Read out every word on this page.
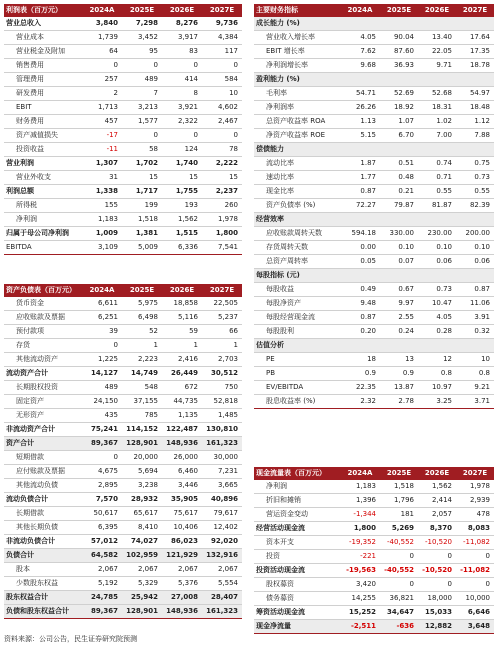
利润表（百万元）	2024A	2025E	2026E	2027E
营业总收入	3,840	7,298	8,276	9,736
营业成本	1,739	3,452	3,917	4,384
营业税金及附加	64	95	83	117
销售费用	0	0	0	0
管理费用	257	489	414	584
研发费用	2	7	8	10
EBIT	1,713	3,213	3,921	4,602
财务费用	457	1,577	2,322	2,467
资产减值损失	-17	0	0	0
投资收益	-11	58	124	78
营业利润	1,307	1,702	1,740	2,222
营业外收支	31	15	15	15
利润总额	1,338	1,717	1,755	2,237
所得税	155	199	193	260
净利润	1,183	1,518	1,562	1,978
归属于母公司净利润	1,009	1,381	1,515	1,800
EBITDA	3,109	5,009	6,336	7,541
主要财务指标	2024A	2025E	2026E	2027E
成长能力 (%)				
营业收入增长率	4.05	90.04	13.40	17.64
EBIT 增长率	7.62	87.60	22.05	17.35
净利润增长率	9.68	36.93	9.71	18.78
盈利能力 (%)				
毛利率	54.71	52.69	52.68	54.97
净利润率	26.26	18.92	18.31	18.48
总资产收益率 ROA	1.13	1.07	1.02	1.12
净资产收益率 ROE	5.15	6.70	7.00	7.88
偿债能力				
流动比率	1.87	0.51	0.74	0.75
速动比率	1.77	0.48	0.71	0.73
现金比率	0.87	0.21	0.55	0.55
资产负债率 (%)	72.27	79.87	81.87	82.39
经营效率				
应收账款周转天数	594.18	330.00	230.00	200.00
存货周转天数	0.00	0.10	0.10	0.10
总资产周转率	0.05	0.07	0.06	0.06
每股指标 (元)				
每股收益	0.49	0.67	0.73	0.87
每股净资产	9.48	9.97	10.47	11.06
每股经营现金流	0.87	2.55	4.05	3.91
每股股利	0.20	0.24	0.28	0.32
估值分析				
PE	18	13	12	10
PB	0.9	0.9	0.8	0.8
EV/EBITDA	22.35	13.87	10.97	9.21
股息收益率 (%)	2.32	2.78	3.25	3.71
资产负债表（百万元）	2024A	2025E	2026E	2027E
货币资金	6,611	5,975	18,858	22,505
应收账款及票据	6,251	6,498	5,116	5,237
预付款项	39	52	59	66
存货	0	1	1	1
其他流动资产	1,225	2,223	2,416	2,703
流动资产合计	14,127	14,749	26,449	30,512
长期股权投资	489	548	672	750
固定资产	24,150	37,155	44,735	52,818
无形资产	435	785	1,135	1,485
非流动资产合计	75,241	114,152	122,487	130,810
资产合计	89,367	128,901	148,936	161,323
短期借款	0	20,000	26,000	30,000
应付账款及票据	4,675	5,694	6,460	7,231
其他流动负债	2,895	3,238	3,446	3,665
流动负债合计	7,570	28,932	35,905	40,896
长期借款	50,617	65,617	75,617	79,617
其他长期负债	6,395	8,410	10,406	12,402
非流动负债合计	57,012	74,027	86,023	92,020
负债合计	64,582	102,959	121,929	132,916
股本	2,067	2,067	2,067	2,067
少数股东权益	5,192	5,329	5,376	5,554
股东权益合计	24,785	25,942	27,008	28,407
负债和股东权益合计	89,367	128,901	148,936	161,323
现金流量表（百万元）	2024A	2025E	2026E	2027E
净利润	1,183	1,518	1,562	1,978
折旧和摊销	1,396	1,796	2,414	2,939
营运资金变动	-1,344	181	2,057	478
经营活动现金流	1,800	5,269	8,370	8,083
资本开支	-19,352	-40,552	-10,520	-11,082
投资	-221	0	0	0
投资活动现金流	-19,563	-40,552	-10,520	-11,082
股权募资	3,420	0	0	0
债务募资	14,255	36,821	18,000	10,000
筹资活动现金流	15,252	34,647	15,033	6,646
现金净流量	-2,511	-636	12,882	3,648
资料来源：公司公告，民生证券研究院预测
